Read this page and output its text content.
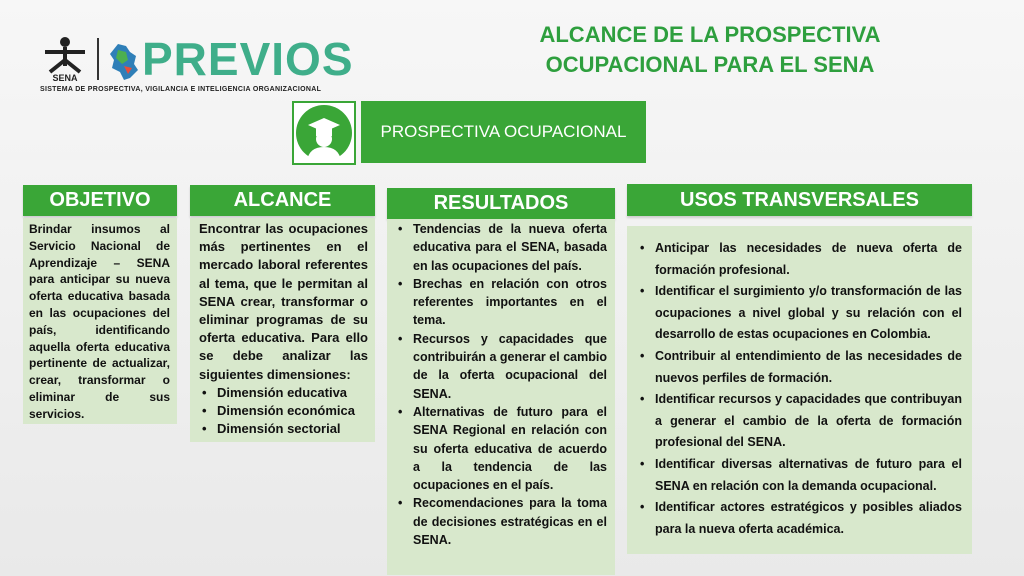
SENA PREVIOS
SISTEMA DE PROSPECTIVA, VIGILANCIA E INTELIGENCIA ORGANIZACIONAL
ALCANCE DE LA PROSPECTIVA
OCUPACIONAL PARA EL SENA
PROSPECTIVA OCUPACIONAL
OBJETIVO

Brindar insumos al Servicio Nacional de Aprendizaje – SENA para anticipar su nueva oferta educativa basada en las ocupaciones del país, identificando aquella oferta educativa pertinente de actualizar, crear, transformar o eliminar de sus servicios.

ALCANCE

Encontrar las ocupaciones más pertinentes en el mercado laboral referentes al tema, que le permitan al SENA crear, transformar o eliminar programas de su oferta educativa. Para ello se debe analizar las siguientes dimensiones:

• Dimensión educativa
• Dimensión económica
• Dimensión sectorial
RESULTADOS
• Tendencias de la nueva oferta educativa para el SENA, basada en las ocupaciones del país.
• Brechas en relación con otros referentes importantes en el tema.
• Recursos y capacidades que contribuirán a generar el cambio de la oferta ocupacional del SENA.
• Alternativas de futuro para el SENA Regional en relación con su oferta educativa de acuerdo a la tendencia de las ocupaciones en el país.
• Recomendaciones para la toma de decisiones estratégicas en el SENA.
USOS TRANSVERSALES
• Anticipar las necesidades de nueva oferta de formación profesional.
• Identificar el surgimiento y/o transformación de las ocupaciones a nivel global y su relación con el desarrollo de estas ocupaciones en Colombia.
• Contribuir al entendimiento de las necesidades de nuevos perfiles de formación.
• Identificar recursos y capacidades que contribuyan a generar el cambio de la oferta de formación profesional del SENA.
• Identificar diversas alternativas de futuro para el SENA en relación con la demanda ocupacional.
• Identificar actores estratégicos y posibles aliados para la nueva oferta académica.
